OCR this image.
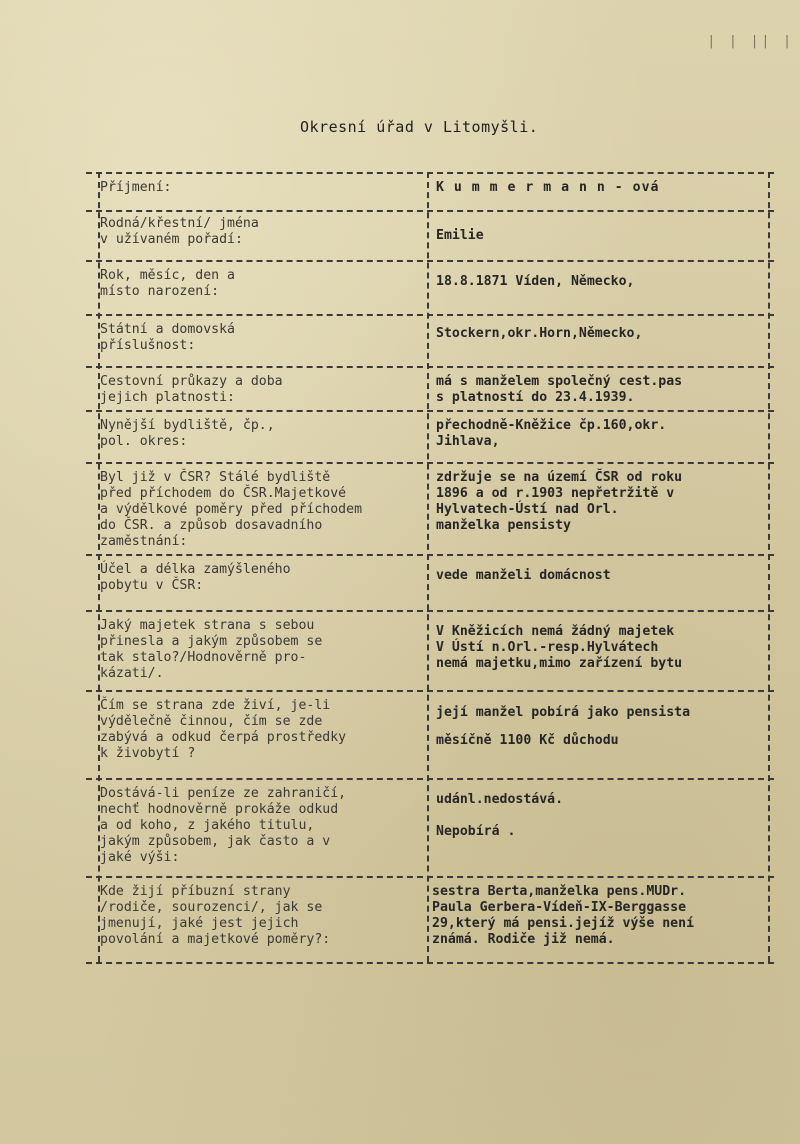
| | || |
Okresní úřad v Litomyšli.
Příjmení:	K u m m e r m a n n - ová
Rodná/křestní/ jména
v užívaném pořadí:	Emilie
Rok, měsíc, den a
místo narození:
18.8.1871 Víden, Německo,
Státní a domovská
příslušnost:
Stockern,okr.Horn,Německo,
Cestovní průkazy a doba
jejich platnosti:
má s manželem společný cest.pas
s platností do 23.4.1939.
Nynější bydliště, čp.,
pol. okres:
přechodně-Kněžice čp.160,okr.
Jihlava,
Byl již v ČSR? Stálé bydliště
před příchodem do ČSR.Majetkové
a výdělkové poměry před příchodem
do ČSR. a způsob dosavadního
zaměstnání:
zdržuje se na území ČSR od roku
1896 a od r.1903 nepřetržitě v
Hylvatech-Ústí nad Orl.
manželka pensisty
Účel a délka zamýšleného
pobytu v ČSR:
vede manželi domácnost
Jaký majetek strana s sebou
přinesla a jakým způsobem se
tak stalo?/Hodnověrně pro-
kázati/.
V Kněžicích nemá žádný majetek
V Ústí n.Orl.-resp.Hylvátech
nemá majetku,mimo zařízení bytu
Čím se strana zde živí, je-li
výdělečně činnou, čím se zde
zabývá a odkud čerpá prostředky
k živobytí ?
její manžel pobírá jako pensista

měsíčně 1100 Kč důchodu
Dostává-li peníze ze zahraničí,
nechť hodnověrně prokáže odkud
a od koho, z jakého titulu,
jakým způsobem, jak často a v
jaké výši:
udánl.nedostává.

Nepobírá .
Kde žijí příbuzní strany
/rodiče, sourozenci/, jak se
jmenují, jaké jest jejich
povolání a majetkové poměry?:
sestra Berta,manželka pens.MUDr.
Paula Gerbera-Vídeň-IX-Berggasse
29,který má pensi.jejíž výše není
známá. Rodiče již nemá.
